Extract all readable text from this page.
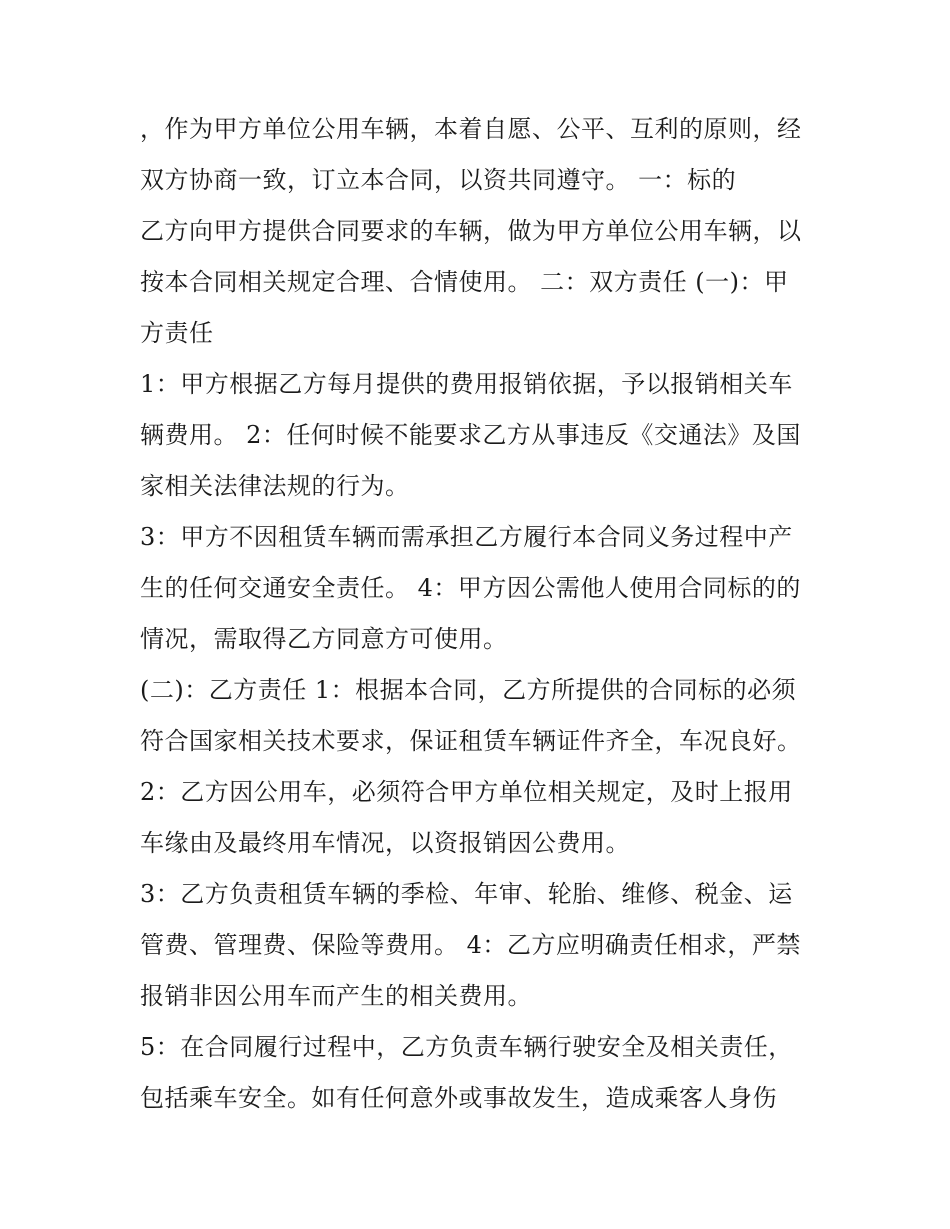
，作为甲方单位公用车辆，本着自愿、公平、互利的原则，经
双方协商一致，订立本合同，以资共同遵守。 一：标的
乙方向甲方提供合同要求的车辆，做为甲方单位公用车辆，以
按本合同相关规定合理、合情使用。 二：双方责任 (一)：甲
方责任
1：甲方根据乙方每月提供的费用报销依据，予以报销相关车
辆费用。 2：任何时候不能要求乙方从事违反《交通法》及国
家相关法律法规的行为。
3：甲方不因租赁车辆而需承担乙方履行本合同义务过程中产
生的任何交通安全责任。 4：甲方因公需他人使用合同标的的
情况，需取得乙方同意方可使用。
(二)：乙方责任 1：根据本合同，乙方所提供的合同标的必须
符合国家相关技术要求，保证租赁车辆证件齐全，车况良好。
2：乙方因公用车，必须符合甲方单位相关规定，及时上报用
车缘由及最终用车情况，以资报销因公费用。
3：乙方负责租赁车辆的季检、年审、轮胎、维修、税金、运
管费、管理费、保险等费用。 4：乙方应明确责任相求，严禁
报销非因公用车而产生的相关费用。
5：在合同履行过程中，乙方负责车辆行驶安全及相关责任，
包括乘车安全。如有任何意外或事故发生，造成乘客人身伤
